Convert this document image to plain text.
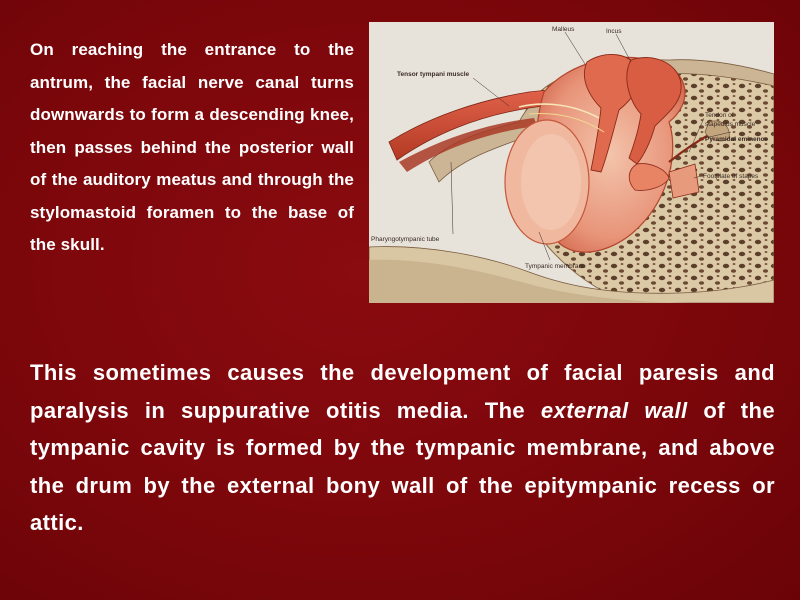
On reaching the entrance to the antrum, the facial nerve canal turns downwards to form a descending knee, then passes behind the posterior wall of the auditory meatus and through the stylomastoid foramen to the base of the skull.

Malleus	Incus
Tensor tympani muscle
Tendon of
stapedius muscle
Pyramidal eminence
Footplate of stapes
Pharyngotympanic tube
Tympanic membrane

This sometimes causes the development of facial paresis and paralysis in suppurative otitis media. The external wall of the tympanic cavity is formed by the tympanic membrane, and above the drum by the external bony wall of the epitympanic recess or attic.
